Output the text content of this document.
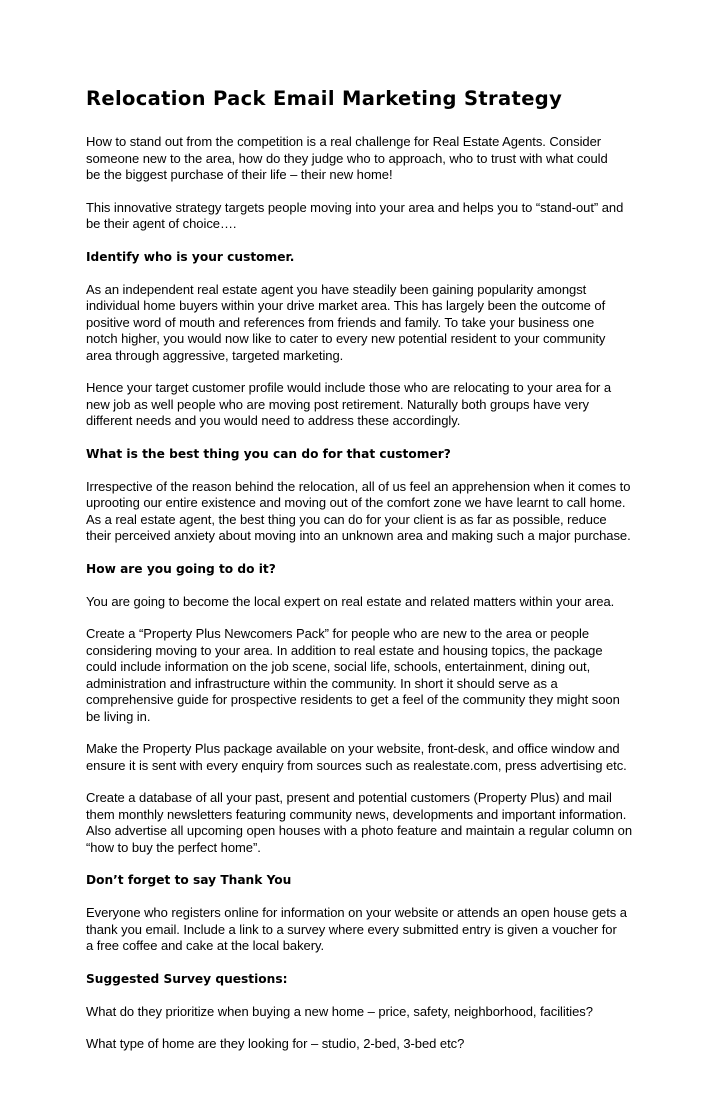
Relocation Pack Email Marketing Strategy

How to stand out from the competition is a real challenge for Real Estate Agents. Consider
someone new to the area, how do they judge who to approach, who to trust with what could
be the biggest purchase of their life – their new home!

This innovative strategy targets people moving into your area and helps you to “stand-out” and
be their agent of choice….

Identify who is your customer.

As an independent real estate agent you have steadily been gaining popularity amongst
individual home buyers within your drive market area. This has largely been the outcome of
positive word of mouth and references from friends and family. To take your business one
notch higher, you would now like to cater to every new potential resident to your community
area through aggressive, targeted marketing.

Hence your target customer profile would include those who are relocating to your area for a
new job as well people who are moving post retirement. Naturally both groups have very
different needs and you would need to address these accordingly.

What is the best thing you can do for that customer?

Irrespective of the reason behind the relocation, all of us feel an apprehension when it comes to
uprooting our entire existence and moving out of the comfort zone we have learnt to call home.
As a real estate agent, the best thing you can do for your client is as far as possible, reduce
their perceived anxiety about moving into an unknown area and making such a major purchase.

How are you going to do it?

You are going to become the local expert on real estate and related matters within your area.

Create a “Property Plus Newcomers Pack” for people who are new to the area or people
considering moving to your area. In addition to real estate and housing topics, the package
could include information on the job scene, social life, schools, entertainment, dining out,
administration and infrastructure within the community. In short it should serve as a
comprehensive guide for prospective residents to get a feel of the community they might soon
be living in.

Make the Property Plus package available on your website, front-desk, and office window and
ensure it is sent with every enquiry from sources such as realestate.com, press advertising etc.

Create a database of all your past, present and potential customers (Property Plus) and mail
them monthly newsletters featuring community news, developments and important information.
Also advertise all upcoming open houses with a photo feature and maintain a regular column on
“how to buy the perfect home”.

Don’t forget to say Thank You

Everyone who registers online for information on your website or attends an open house gets a
thank you email. Include a link to a survey where every submitted entry is given a voucher for
a free coffee and cake at the local bakery.

Suggested Survey questions:

What do they prioritize when buying a new home – price, safety, neighborhood, facilities?

What type of home are they looking for – studio, 2-bed, 3-bed etc?
